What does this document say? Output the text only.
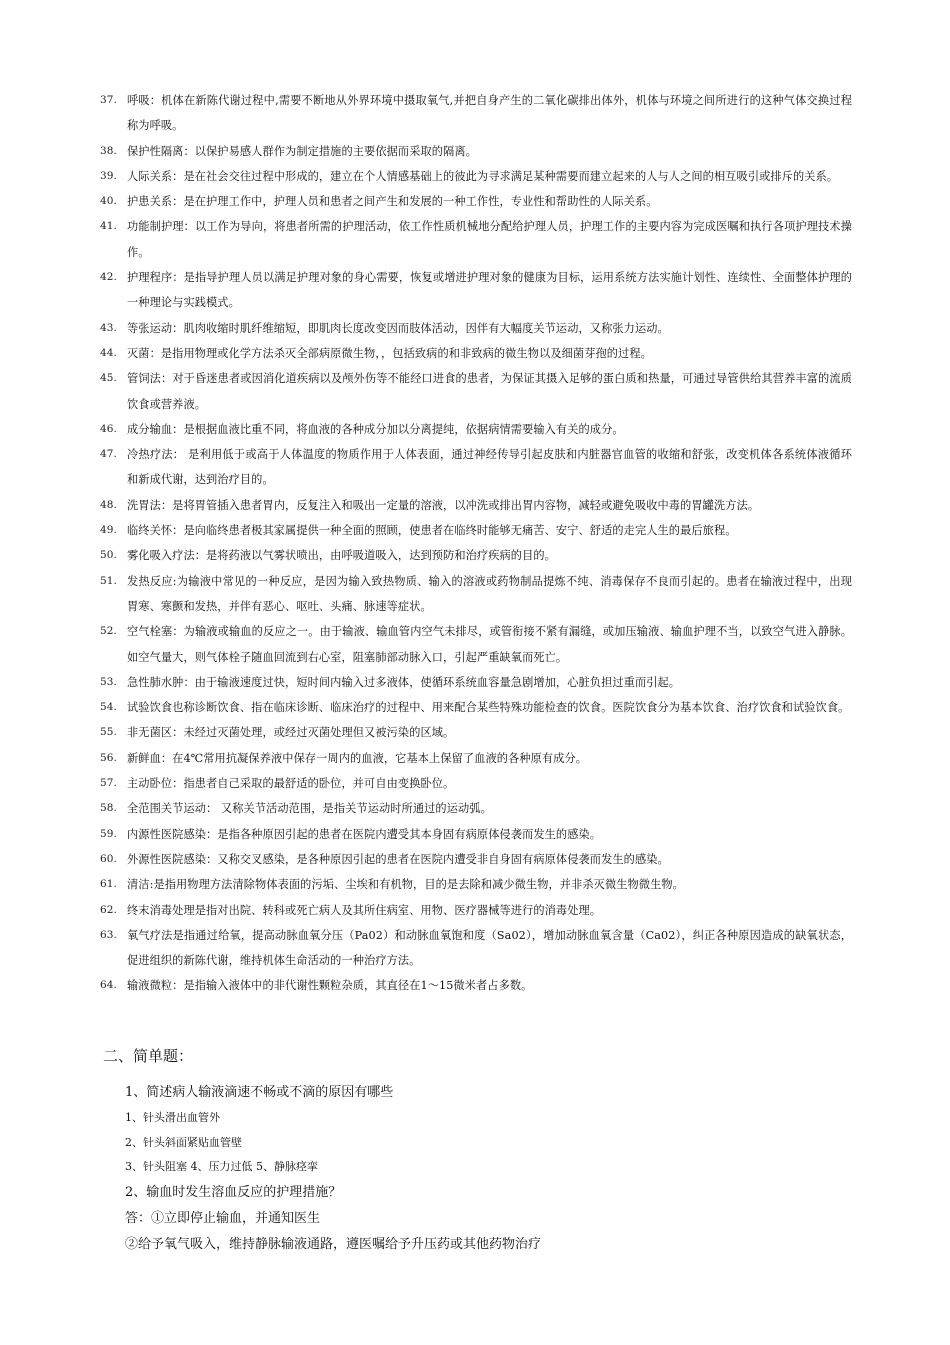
37. 呼吸：机体在新陈代谢过程中,需要不断地从外界环境中摄取氧气,并把自身产生的二氧化碳排出体外，机体与环境之间所进行的这种气体交换过程称为呼吸。
38. 保护性隔离：以保护易感人群作为制定措施的主要依据而采取的隔离。
39. 人际关系：是在社会交往过程中形成的，建立在个人情感基础上的彼此为寻求满足某种需要而建立起来的人与人之间的相互吸引或排斥的关系。
40. 护患关系：是在护理工作中，护理人员和患者之间产生和发展的一种工作性，专业性和帮助性的人际关系。
41. 功能制护理：以工作为导向，将患者所需的护理活动，依工作性质机械地分配给护理人员，护理工作的主要内容为完成医嘱和执行各项护理技术操作。
42. 护理程序：是指导护理人员以满足护理对象的身心需要，恢复或增进护理对象的健康为目标，运用系统方法实施计划性、连续性、全面整体护理的一种理论与实践模式。
43. 等张运动：肌肉收缩时肌纤维缩短，即肌肉长度改变因而肢体活动，因伴有大幅度关节运动，又称张力运动。
44. 灭菌：是指用物理或化学方法杀灭全部病原微生物，，包括致病的和非致病的微生物以及细菌芽孢的过程。
45. 管饲法：对于昏迷患者或因消化道疾病以及颅外伤等不能经口进食的患者，为保证其摄入足够的蛋白质和热量，可通过导管供给其营养丰富的流质饮食或营养液。
46. 成分输血：是根据血液比重不同，将血液的各种成分加以分离提纯，依据病情需要输入有关的成分。
47. 冷热疗法： 是利用低于或高于人体温度的物质作用于人体表面，通过神经传导引起皮肤和内脏器官血管的收缩和舒张，改变机体各系统体液循环和新成代谢，达到治疗目的。
48. 洗胃法：是将胃管插入患者胃内，反复注入和吸出一定量的溶液，以冲洗或排出胃内容物，减轻或避免吸收中毒的胃罐洗方法。
49. 临终关怀：是向临终患者极其家属提供一种全面的照顾，使患者在临终时能够无痛苦、安宁、舒适的走完人生的最后旅程。
50. 雾化吸入疗法：是将药液以气雾状喷出，由呼吸道吸入，达到预防和治疗疾病的目的。
51. 发热反应:为输液中常见的一种反应，是因为输入致热物质、输入的溶液或药物制品提炼不纯、消毒保存不良而引起的。患者在输液过程中，出现胃寒、寒颤和发热，并伴有恶心、呕吐、头痛、脉速等症状。
52. 空气栓塞：为输液或输血的反应之一。由于输液、输血管内空气未排尽，或管衔接不紧有漏缝，或加压输液、输血护理不当，以致空气进入静脉。如空气量大，则气体栓子随血回流到右心室，阻塞肺部动脉入口，引起严重缺氧而死亡。
53. 急性肺水肿：由于输液速度过快，短时间内输入过多液体，使循环系统血容量急剧增加，心脏负担过重而引起。
54. 试验饮食也称诊断饮食、指在临床诊断、临床治疗的过程中、用来配合某些特殊功能检查的饮食。医院饮食分为基本饮食、治疗饮食和试验饮食。
55. 非无菌区：未经过灭菌处理，或经过灭菌处理但又被污染的区域。
56. 新鲜血：在4℃常用抗凝保养液中保存一周内的血液，它基本上保留了血液的各种原有成分。
57. 主动卧位：指患者自己采取的最舒适的卧位，并可自由变换卧位。
58. 全范围关节运动： 又称关节活动范围，是指关节运动时所通过的运动弧。
59. 内源性医院感染：是指各种原因引起的患者在医院内遭受其本身固有病原体侵袭而发生的感染。
60. 外源性医院感染：又称交叉感染，是各种原因引起的患者在医院内遭受非自身固有病原体侵袭而发生的感染。
61. 清洁:是指用物理方法清除物体表面的污垢、尘埃和有机物，目的是去除和减少微生物，并非杀灭微生物微生物。
62. 终末消毒处理是指对出院、转科或死亡病人及其所住病室、用物、医疗器械等进行的消毒处理。
63. 氧气疗法是指通过给氧，提高动脉血氧分压（Pa02）和动脉血氧饱和度（Sa02），增加动脉血氧含量（Ca02），纠正各种原因造成的缺氧状态，促进组织的新陈代谢，维持机体生命活动的一种治疗方法。
64. 输液微粒：是指输入液体中的非代谢性颗粒杂质，其直径在1～15微米者占多数。
二、简单题：
1、简述病人输液滴速不畅或不滴的原因有哪些
1、针头滑出血管外
2、针头斜面紧贴血管壁
3、针头阻塞 4、压力过低 5、静脉痉挛
2、输血时发生溶血反应的护理措施？
答：①立即停止输血，并通知医生
②给予氧气吸入，维持静脉输液通路，遵医嘱给予升压药或其他药物治疗
